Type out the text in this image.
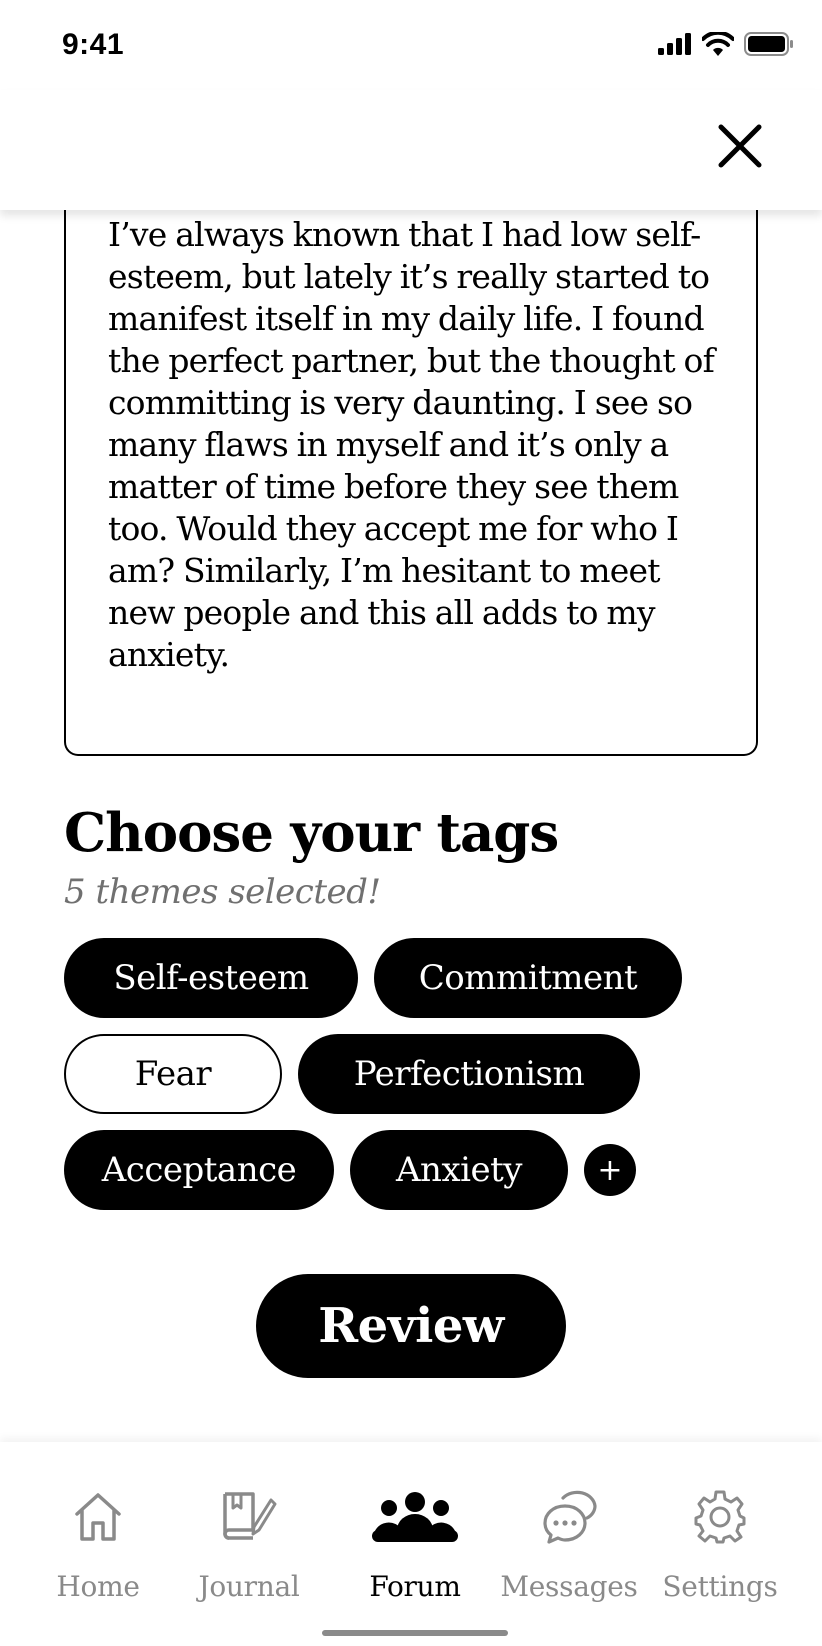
9:41

I’ve always known that I had low self-esteem, but lately it’s really started to manifest itself in my daily life. I found the perfect partner, but the thought of committing is very daunting. I see so many flaws in myself and it’s only a matter of time before they see them too. Would they accept me for who I am? Similarly, I’m hesitant to meet new people and this all adds to my anxiety.

Choose your tags

5 themes selected!

Self-esteem	Commitment
Fear	Perfectionism
Acceptance	Anxiety	+
Review
Home	Journal	Forum	Messages Settings
